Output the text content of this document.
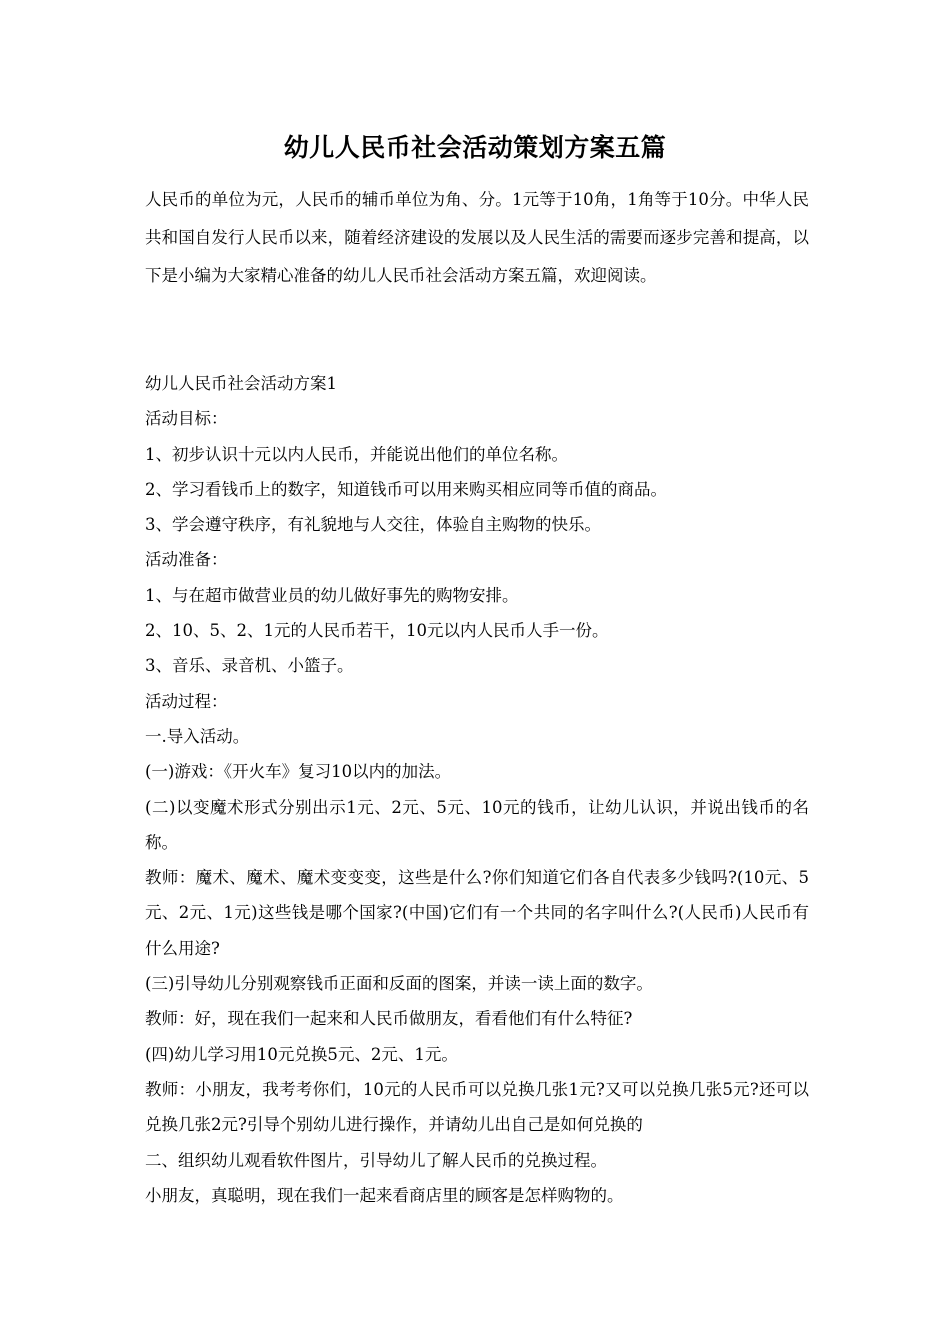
幼儿人民币社会活动策划方案五篇
人民币的单位为元，人民币的辅币单位为角、分。1元等于10角，1角等于10分。中华人民共和国自发行人民币以来，随着经济建设的发展以及人民生活的需要而逐步完善和提高，以下是小编为大家精心准备的幼儿人民币社会活动方案五篇，欢迎阅读。
幼儿人民币社会活动方案1
活动目标：
1、初步认识十元以内人民币，并能说出他们的单位名称。
2、学习看钱币上的数字，知道钱币可以用来购买相应同等币值的商品。
3、学会遵守秩序，有礼貌地与人交往，体验自主购物的快乐。
活动准备：
1、与在超市做营业员的幼儿做好事先的购物安排。
2、10、5、2、1元的人民币若干，10元以内人民币人手一份。
3、音乐、录音机、小篮子。
活动过程：
一.导入活动。
(一)游戏：《开火车》复习10以内的加法。
(二)以变魔术形式分别出示1元、2元、5元、10元的钱币，让幼儿认识，并说出钱币的名称。
教师：魔术、魔术、魔术变变变，这些是什么?你们知道它们各自代表多少钱吗?(10元、5元、2元、1元)这些钱是哪个国家?(中国)它们有一个共同的名字叫什么?(人民币)人民币有什么用途?
(三)引导幼儿分别观察钱币正面和反面的图案，并读一读上面的数字。
教师：好，现在我们一起来和人民币做朋友，看看他们有什么特征?
(四)幼儿学习用10元兑换5元、2元、1元。
教师：小朋友，我考考你们，10元的人民币可以兑换几张1元?又可以兑换几张5元?还可以兑换几张2元?引导个别幼儿进行操作，并请幼儿出自己是如何兑换的
二、组织幼儿观看软件图片，引导幼儿了解人民币的兑换过程。
小朋友，真聪明，现在我们一起来看商店里的顾客是怎样购物的。
